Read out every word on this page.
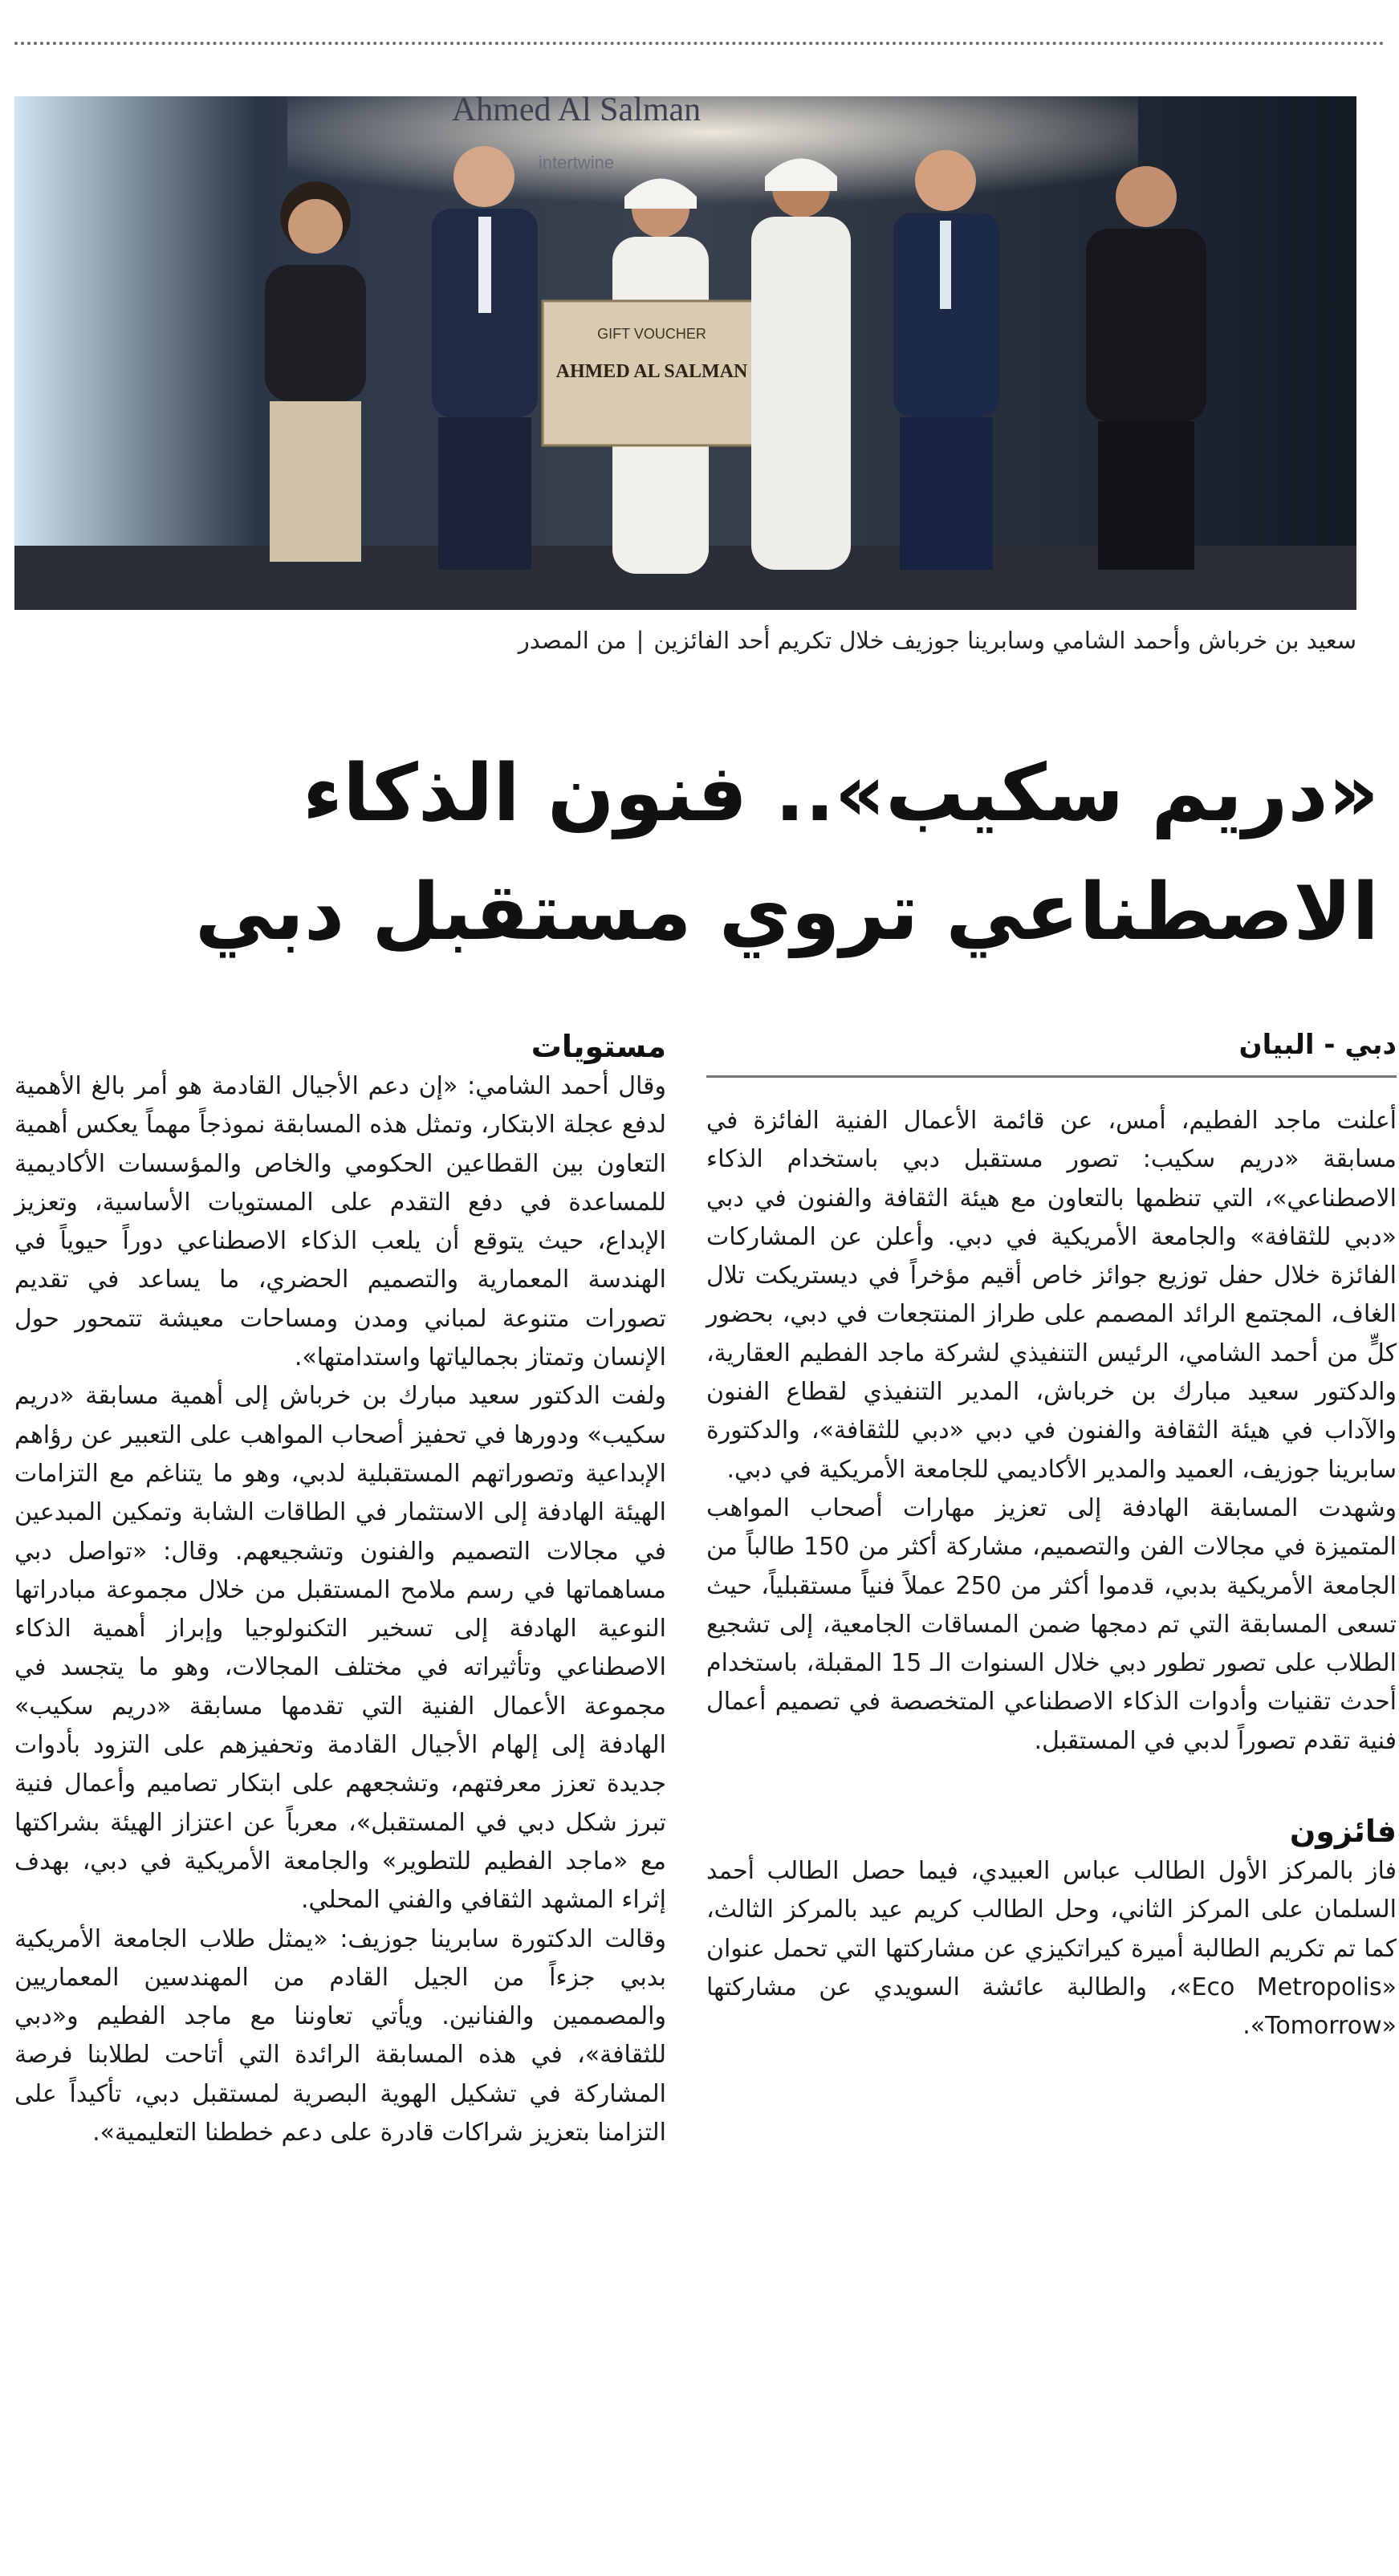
Ahmed Al Salman
intertwine
GIFT VOUCHER
AHMED AL SALMAN
سعيد بن خرباش وأحمد الشامي وسابرينا جوزيف خلال تكريم أحد الفائزين|من المصدر
«دريم سكيب».. فنون الذكاء
الاصطناعي تروي مستقبل دبي
دبي - البيان

أعلنت ماجد الفطيم، أمس، عن قائمة الأعمال الفنية الفائزة في مسابقة «دريم سكيب: تصور مستقبل دبي باستخدام الذكاء الاصطناعي»، التي تنظمها بالتعاون مع هيئة الثقافة والفنون في دبي «دبي للثقافة» والجامعة الأمريكية في دبي. وأعلن عن المشاركات الفائزة خلال حفل توزيع جوائز خاص أقيم مؤخراً في ديستريكت تلال الغاف، المجتمع الرائد المصمم على طراز المنتجعات في دبي، بحضور كلٍّ من أحمد الشامي، الرئيس التنفيذي لشركة ماجد الفطيم العقارية، والدكتور سعيد مبارك بن خرباش، المدير التنفيذي لقطاع الفنون والآداب في هيئة الثقافة والفنون في دبي «دبي للثقافة»، والدكتورة سابرينا جوزيف، العميد والمدير الأكاديمي للجامعة الأمريكية في دبي.

وشهدت المسابقة الهادفة إلى تعزيز مهارات أصحاب المواهب المتميزة في مجالات الفن والتصميم، مشاركة أكثر من 150 طالباً من الجامعة الأمريكية بدبي، قدموا أكثر من 250 عملاً فنياً مستقبلياً، حيث تسعى المسابقة التي تم دمجها ضمن المساقات الجامعية، إلى تشجيع الطلاب على تصور تطور دبي خلال السنوات الـ 15 المقبلة، باستخدام أحدث تقنيات وأدوات الذكاء الاصطناعي المتخصصة في تصميم أعمال فنية تقدم تصوراً لدبي في المستقبل.

فائزون

فاز بالمركز الأول الطالب عباس العبيدي، فيما حصل الطالب أحمد السلمان على المركز الثاني، وحل الطالب كريم عيد بالمركز الثالث، كما تم تكريم الطالبة أميرة كيراتكيزي عن مشاركتها التي تحمل عنوان «Eco Metropolis»، والطالبة عائشة السويدي عن مشاركتها «Tomorrow».

مستويات

وقال أحمد الشامي: «إن دعم الأجيال القادمة هو أمر بالغ الأهمية لدفع عجلة الابتكار، وتمثل هذه المسابقة نموذجاً مهماً يعكس أهمية التعاون بين القطاعين الحكومي والخاص والمؤسسات الأكاديمية للمساعدة في دفع التقدم على المستويات الأساسية، وتعزيز الإبداع، حيث يتوقع أن يلعب الذكاء الاصطناعي دوراً حيوياً في الهندسة المعمارية والتصميم الحضري، ما يساعد في تقديم تصورات متنوعة لمباني ومدن ومساحات معيشة تتمحور حول الإنسان وتمتاز بجمالياتها واستدامتها».

ولفت الدكتور سعيد مبارك بن خرباش إلى أهمية مسابقة «دريم سكيب» ودورها في تحفيز أصحاب المواهب على التعبير عن رؤاهم الإبداعية وتصوراتهم المستقبلية لدبي، وهو ما يتناغم مع التزامات الهيئة الهادفة إلى الاستثمار في الطاقات الشابة وتمكين المبدعين في مجالات التصميم والفنون وتشجيعهم. وقال: «تواصل دبي مساهماتها في رسم ملامح المستقبل من خلال مجموعة مبادراتها النوعية الهادفة إلى تسخير التكنولوجيا وإبراز أهمية الذكاء الاصطناعي وتأثيراته في مختلف المجالات، وهو ما يتجسد في مجموعة الأعمال الفنية التي تقدمها مسابقة «دريم سكيب» الهادفة إلى إلهام الأجيال القادمة وتحفيزهم على التزود بأدوات جديدة تعزز معرفتهم، وتشجعهم على ابتكار تصاميم وأعمال فنية تبرز شكل دبي في المستقبل»، معرباً عن اعتزاز الهيئة بشراكتها مع «ماجد الفطيم للتطوير» والجامعة الأمريكية في دبي، بهدف إثراء المشهد الثقافي والفني المحلي.

وقالت الدكتورة سابرينا جوزيف: «يمثل طلاب الجامعة الأمريكية بدبي جزءاً من الجيل القادم من المهندسين المعماريين والمصممين والفنانين. ويأتي تعاوننا مع ماجد الفطيم و«دبي للثقافة»، في هذه المسابقة الرائدة التي أتاحت لطلابنا فرصة المشاركة في تشكيل الهوية البصرية لمستقبل دبي، تأكيداً على التزامنا بتعزيز شراكات قادرة على دعم خططنا التعليمية».
